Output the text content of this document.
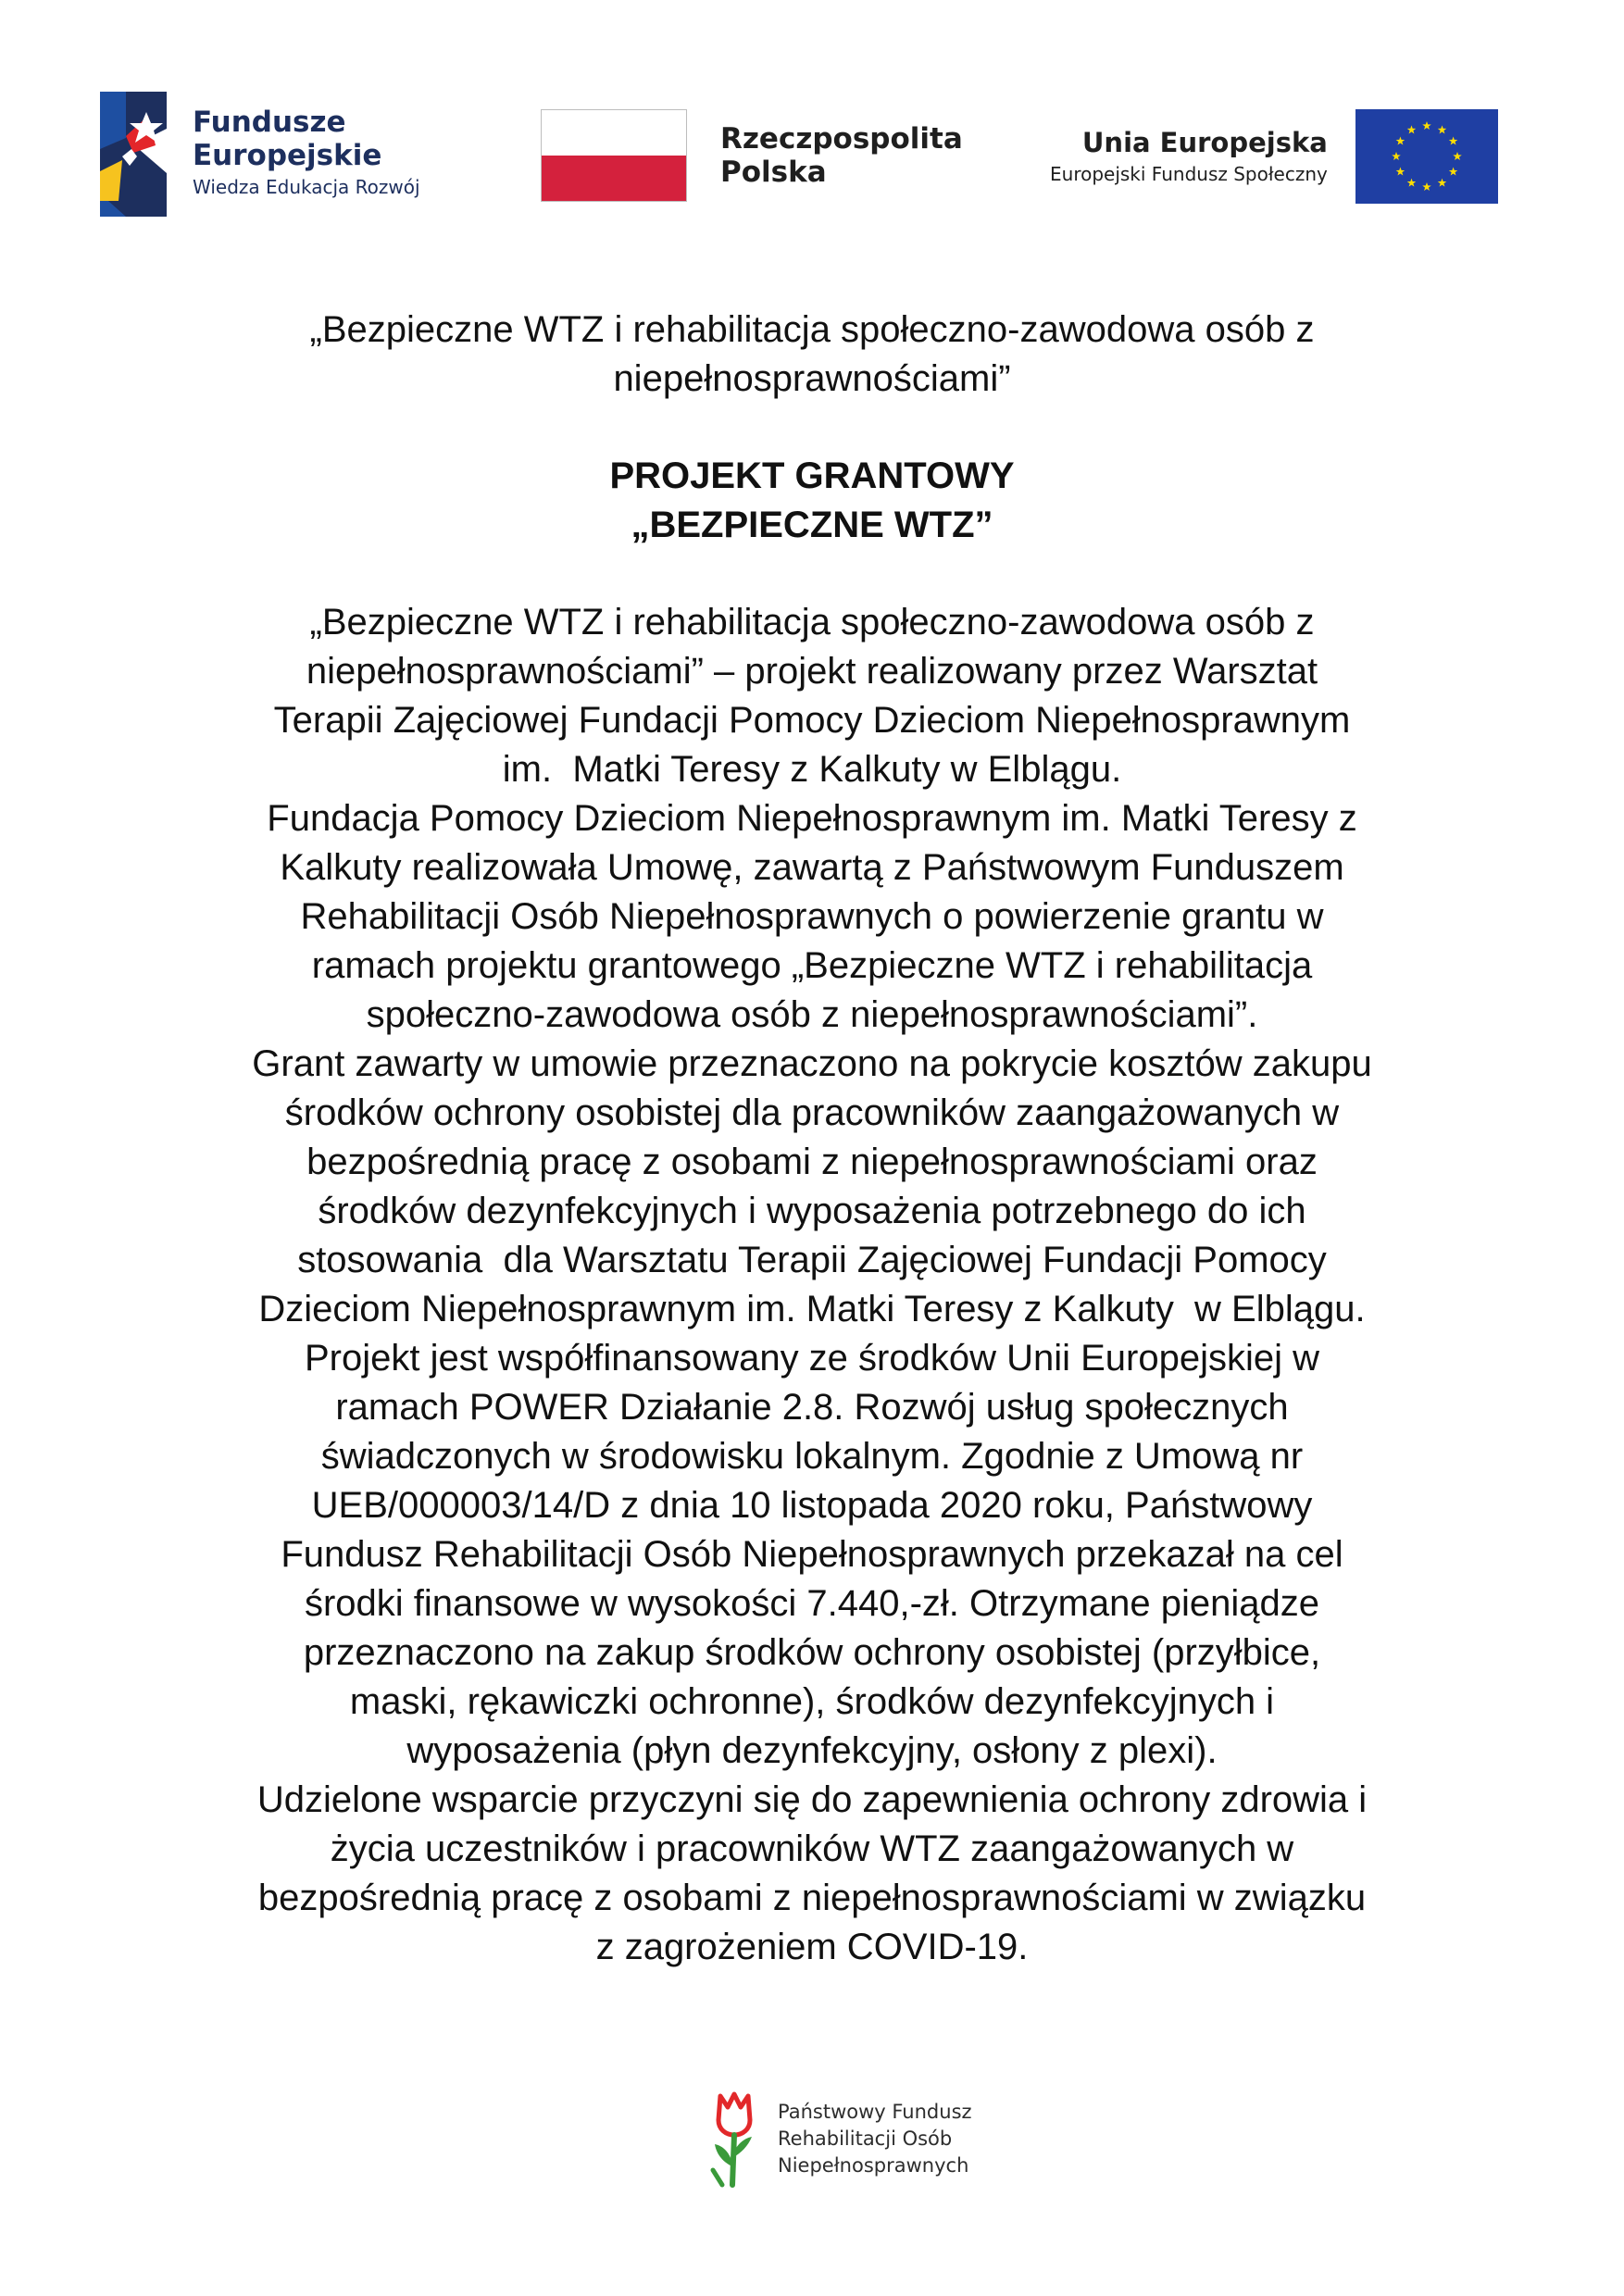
Fundusze
Europejskie
Wiedza Edukacja Rozwój
Rzeczpospolita
Polska
Unia Europejska
Europejski Fundusz Społeczny
„Bezpieczne WTZ i rehabilitacja społeczno-zawodowa osób z
niepełnosprawnościami”
PROJEKT GRANTOWY
„BEZPIECZNE WTZ”

„Bezpieczne WTZ i rehabilitacja społeczno-zawodowa osób z
niepełnosprawnościami” – projekt realizowany przez Warsztat
Terapii Zajęciowej Fundacji Pomocy Dzieciom Niepełnosprawnym
im.  Matki Teresy z Kalkuty w Elblągu.

Fundacja Pomocy Dzieciom Niepełnosprawnym im. Matki Teresy z
Kalkuty realizowała Umowę, zawartą z Państwowym Funduszem
Rehabilitacji Osób Niepełnosprawnych o powierzenie grantu w
ramach projektu grantowego „Bezpieczne WTZ i rehabilitacja
społeczno-zawodowa osób z niepełnosprawnościami”.

Grant zawarty w umowie przeznaczono na pokrycie kosztów zakupu
środków ochrony osobistej dla pracowników zaangażowanych w
bezpośrednią pracę z osobami z niepełnosprawnościami oraz
środków dezynfekcyjnych i wyposażenia potrzebnego do ich
stosowania  dla Warsztatu Terapii Zajęciowej Fundacji Pomocy
Dzieciom Niepełnosprawnym im. Matki Teresy z Kalkuty  w Elblągu.

Projekt jest współfinansowany ze środków Unii Europejskiej w
ramach POWER Działanie 2.8. Rozwój usług społecznych
świadczonych w środowisku lokalnym. Zgodnie z Umową nr
UEB/000003/14/D z dnia 10 listopada 2020 roku, Państwowy
Fundusz Rehabilitacji Osób Niepełnosprawnych przekazał na cel
środki finansowe w wysokości 7.440,-zł. Otrzymane pieniądze
przeznaczono na zakup środków ochrony osobistej (przyłbice,
maski, rękawiczki ochronne), środków dezynfekcyjnych i
wyposażenia (płyn dezynfekcyjny, osłony z plexi).

Udzielone wsparcie przyczyni się do zapewnienia ochrony zdrowia i
życia uczestników i pracowników WTZ zaangażowanych w
bezpośrednią pracę z osobami z niepełnosprawnościami w związku
z zagrożeniem COVID-19.

Państwowy Fundusz
Rehabilitacji Osób
Niepełnosprawnych
